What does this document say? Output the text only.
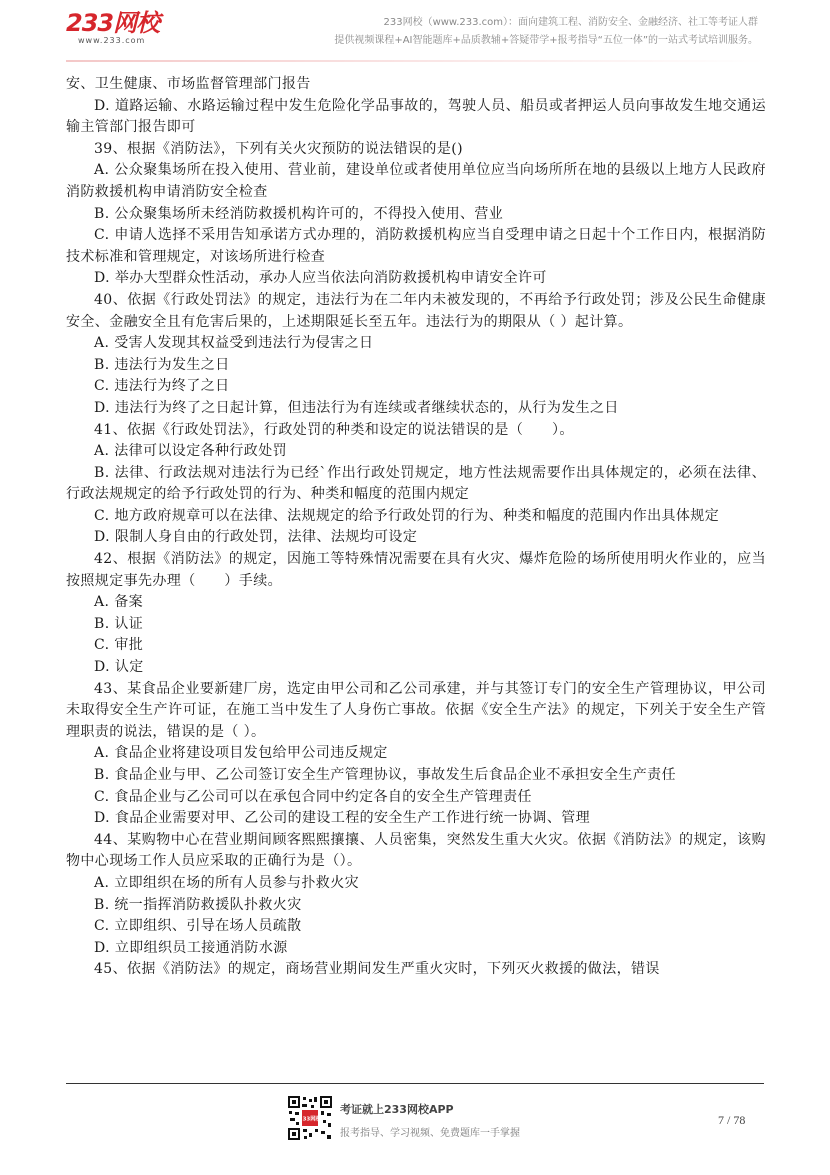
233网校
www.233.com
233网校（www.233.com）：面向建筑工程、消防安全、金融经济、社工等考证人群
提供视频课程+AI智能题库+品质教辅+答疑带学+报考指导“五位一体”的一站式考试培训服务。

安、卫生健康、市场监督管理部门报告

D. 道路运输、水路运输过程中发生危险化学品事故的，驾驶人员、船员或者押运人员向事故发生地交通运输主管部门报告即可

39、根据《消防法》，下列有关火灾预防的说法错误的是()

A. 公众聚集场所在投入使用、营业前，建设单位或者使用单位应当向场所所在地的县级以上地方人民政府消防救援机构申请消防安全检查

B. 公众聚集场所未经消防救援机构许可的，不得投入使用、营业

C. 申请人选择不采用告知承诺方式办理的，消防救援机构应当自受理申请之日起十个工作日内，根据消防技术标准和管理规定，对该场所进行检查

D. 举办大型群众性活动，承办人应当依法向消防救援机构申请安全许可

40、依据《行政处罚法》的规定，违法行为在二年内未被发现的，不再给予行政处罚；涉及公民生命健康安全、金融安全且有危害后果的，上述期限延长至五年。违法行为的期限从（ ）起计算。

A. 受害人发现其权益受到违法行为侵害之日

B. 违法行为发生之日

C. 违法行为终了之日

D. 违法行为终了之日起计算，但违法行为有连续或者继续状态的，从行为发生之日

41、依据《行政处罚法》，行政处罚的种类和设定的说法错误的是（　　）。

A. 法律可以设定各种行政处罚

B. 法律、行政法规对违法行为已经`作出行政处罚规定，地方性法规需要作出具体规定的，必须在法律、行政法规规定的给予行政处罚的行为、种类和幅度的范围内规定

C. 地方政府规章可以在法律、法规规定的给予行政处罚的行为、种类和幅度的范围内作出具体规定

D. 限制人身自由的行政处罚，法律、法规均可设定

42、根据《消防法》的规定，因施工等特殊情况需要在具有火灾、爆炸危险的场所使用明火作业的，应当按照规定事先办理（　　）手续。

A. 备案

B. 认证

C. 审批

D. 认定

43、某食品企业要新建厂房，选定由甲公司和乙公司承建，并与其签订专门的安全生产管理协议，甲公司未取得安全生产许可证，在施工当中发生了人身伤亡事故。依据《安全生产法》的规定，下列关于安全生产管理职责的说法，错误的是（ ）。

A. 食品企业将建设项目发包给甲公司违反规定

B. 食品企业与甲、乙公司签订安全生产管理协议，事故发生后食品企业不承担安全生产责任

C. 食品企业与乙公司可以在承包合同中约定各自的安全生产管理责任

D. 食品企业需要对甲、乙公司的建设工程的安全生产工作进行统一协调、管理

44、某购物中心在营业期间顾客熙熙攘攘、人员密集，突然发生重大火灾。依据《消防法》的规定，该购物中心现场工作人员应采取的正确行为是（）。

A. 立即组织在场的所有人员参与扑救火灾

B. 统一指挥消防救援队扑救火灾

C. 立即组织、引导在场人员疏散

D. 立即组织员工接通消防水源

45、依据《消防法》的规定，商场营业期间发生严重火灾时，下列灭火救援的做法，错误

233网校
考证就上233网校APP
报考指导、学习视频、免费题库一手掌握
7 / 78
